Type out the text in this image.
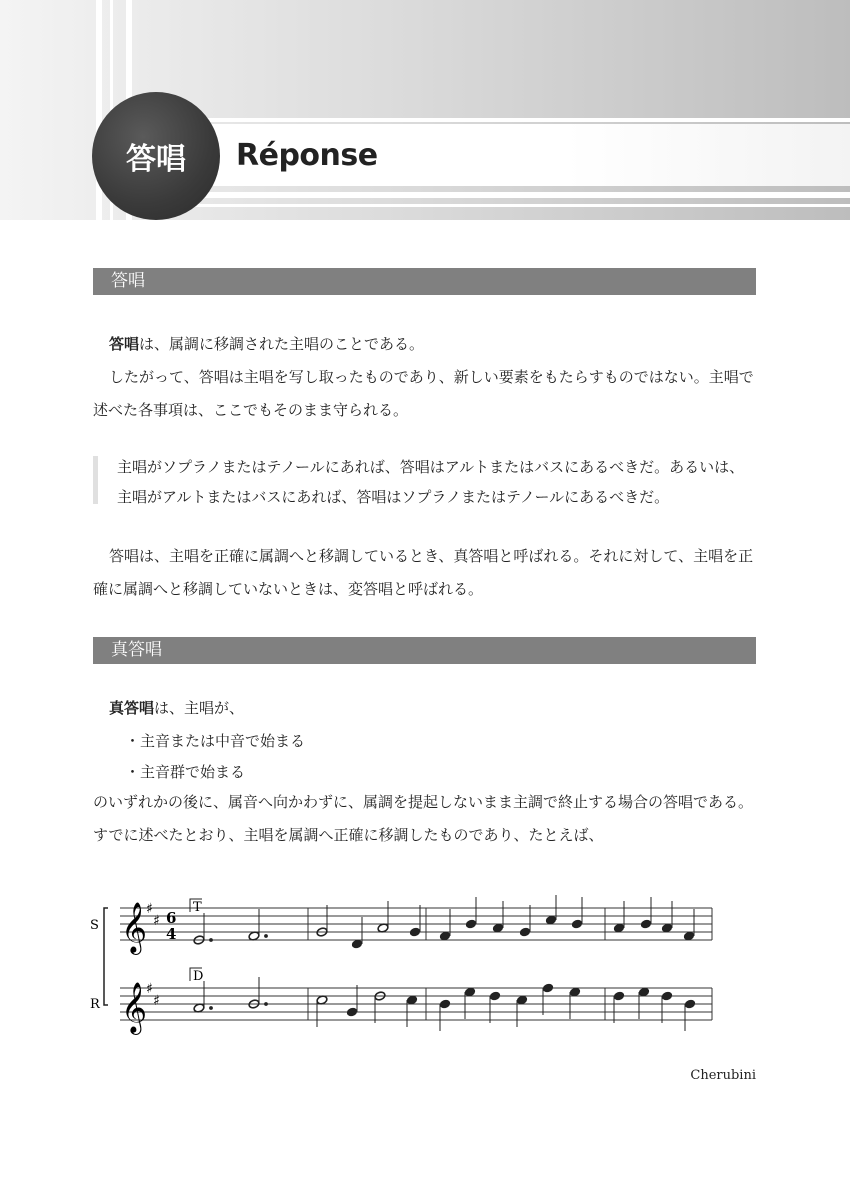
答唱 Réponse
答唱
答唱は、属調に移調された主唱のことである。
したがって、答唱は主唱を写し取ったものであり、新しい要素をもたらすものではない。主唱で述べた各事項は、ここでもそのまま守られる。
主唱がソプラノまたはテノールにあれば、答唱はアルトまたはバスにあるべきだ。あるいは、主唱がアルトまたはバスにあれば、答唱はソプラノまたはテノールにあるべきだ。
答唱は、主唱を正確に属調へと移調しているとき、真答唱と呼ばれる。それに対して、主唱を正確に属調へと移調していないときは、変答唱と呼ばれる。
真答唱
真答唱は、主唱が、
・主音または中音で始まる
・主音群で始まる
のいずれかの後に、属音へ向かわずに、属調を提起しないまま主調で終止する場合の答唱である。すでに述べたとおり、主唱を属調へ正確に移調したものであり、たとえば、
S
R
𝄞
𝄞
♯
♯
♯
♯
6
4
T
D
Cherubini
